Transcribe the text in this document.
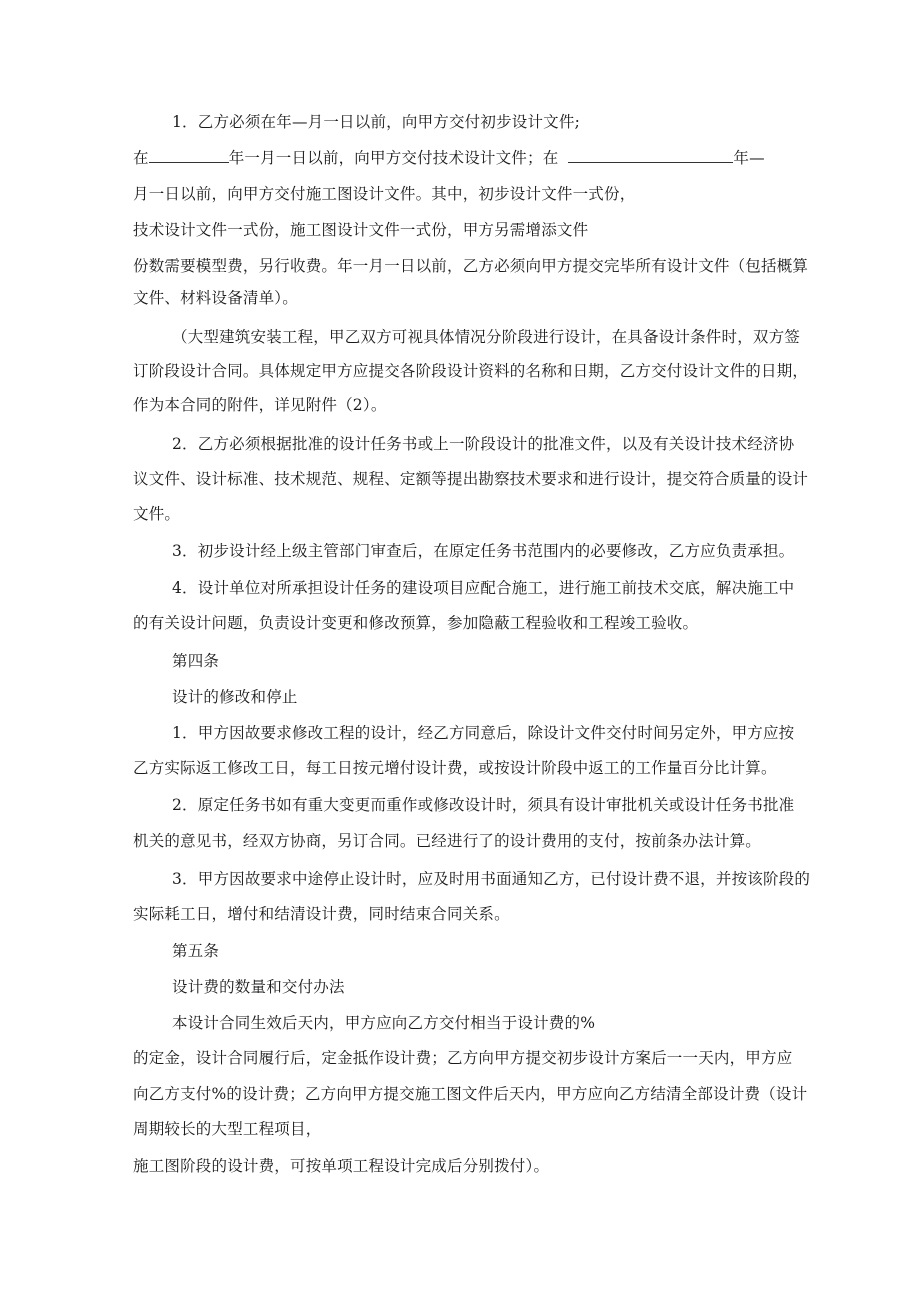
1．乙方必须在年—月一日以前，向甲方交付初步设计文件;
在	年一月一日以前，向甲方交付技术设计文件；在	年—
月一日以前，向甲方交付施工图设计文件。其中，初步设计文件一式份，
技术设计文件一式份，施工图设计文件一式份，甲方另需增添文件
份数需要模型费，另行收费。年一月一日以前，乙方必须向甲方提交完毕所有设计文件（包括概算
文件、材料设备清单）。
（大型建筑安装工程，甲乙双方可视具体情况分阶段进行设计，在具备设计条件时，双方签
订阶段设计合同。具体规定甲方应提交各阶段设计资料的名称和日期，乙方交付设计文件的日期，
作为本合同的附件，详见附件（2）。
2．乙方必须根据批准的设计任务书或上一阶段设计的批准文件，以及有关设计技术经济协
议文件、设计标准、技术规范、规程、定额等提出勘察技术要求和进行设计，提交符合质量的设计
文件。
3．初步设计经上级主管部门审查后，在原定任务书范围内的必要修改，乙方应负责承担。
4．设计单位对所承担设计任务的建设项目应配合施工，进行施工前技术交底，解决施工中
的有关设计问题，负责设计变更和修改预算，参加隐蔽工程验收和工程竣工验收。
第四条
设计的修改和停止
1．甲方因故要求修改工程的设计，经乙方同意后，除设计文件交付时间另定外，甲方应按
乙方实际返工修改工日，每工日按元增付设计费，或按设计阶段中返工的工作量百分比计算。
2．原定任务书如有重大变更而重作或修改设计时，须具有设计审批机关或设计任务书批准
机关的意见书，经双方协商，另订合同。已经进行了的设计费用的支付，按前条办法计算。
3．甲方因故要求中途停止设计时，应及时用书面通知乙方，已付设计费不退，并按该阶段的
实际耗工日，增付和结清设计费，同时结束合同关系。
第五条
设计费的数量和交付办法
本设计合同生效后天内，甲方应向乙方交付相当于设计费的%
的定金，设计合同履行后，定金抵作设计费；乙方向甲方提交初步设计方案后一一天内，甲方应
向乙方支付%的设计费；乙方向甲方提交施工图文件后天内，甲方应向乙方结清全部设计费（设计
周期较长的大型工程项目，
施工图阶段的设计费，可按单项工程设计完成后分别拨付）。
